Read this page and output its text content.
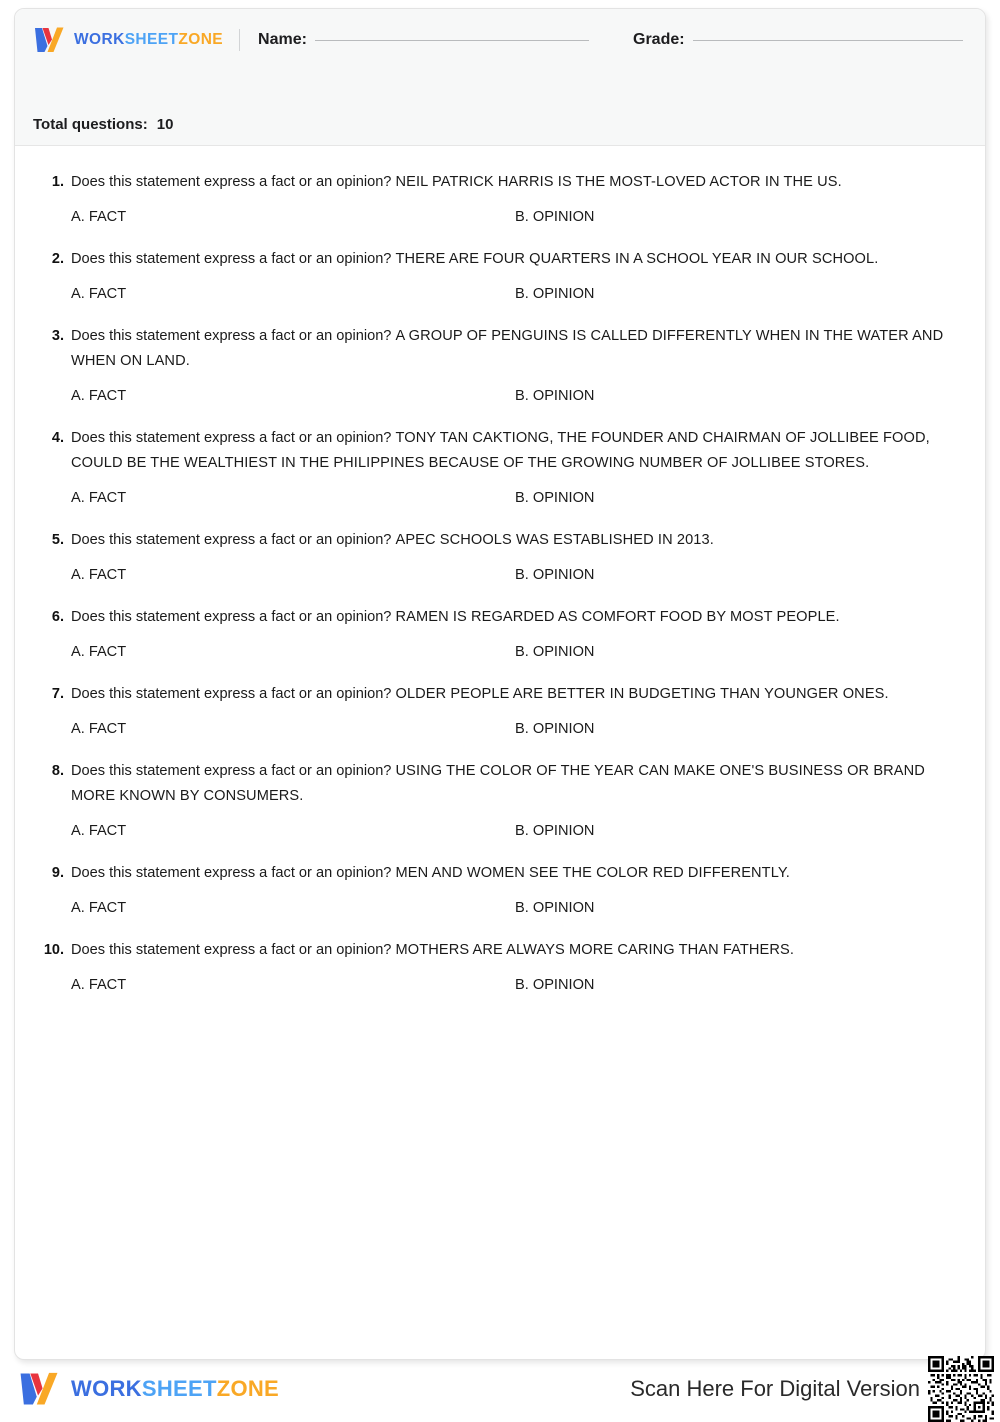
WORKSHEETZONE Name:	Grade:
Total questions: 10
1. Does this statement express a fact or an opinion? NEIL PATRICK HARRIS IS THE MOST-LOVED ACTOR IN THE US.
A. FACT	B. OPINION
2. Does this statement express a fact or an opinion? THERE ARE FOUR QUARTERS IN A SCHOOL YEAR IN OUR SCHOOL.
A. FACT	B. OPINION
3. Does this statement express a fact or an opinion? A GROUP OF PENGUINS IS CALLED DIFFERENTLY WHEN IN THE WATER AND WHEN ON LAND.
A. FACT	B. OPINION
4. Does this statement express a fact or an opinion? TONY TAN CAKTIONG, THE FOUNDER AND CHAIRMAN OF JOLLIBEE FOOD, COULD BE THE WEALTHIEST IN THE PHILIPPINES BECAUSE OF THE GROWING NUMBER OF JOLLIBEE STORES.
A. FACT	B. OPINION
5. Does this statement express a fact or an opinion? APEC SCHOOLS WAS ESTABLISHED IN 2013.
A. FACT	B. OPINION
6. Does this statement express a fact or an opinion? RAMEN IS REGARDED AS COMFORT FOOD BY MOST PEOPLE.
A. FACT	B. OPINION
7. Does this statement express a fact or an opinion? OLDER PEOPLE ARE BETTER IN BUDGETING THAN YOUNGER ONES.
A. FACT	B. OPINION
8. Does this statement express a fact or an opinion? USING THE COLOR OF THE YEAR CAN MAKE ONE'S BUSINESS OR BRAND MORE KNOWN BY CONSUMERS.
A. FACT	B. OPINION
9. Does this statement express a fact or an opinion? MEN AND WOMEN SEE THE COLOR RED DIFFERENTLY.
A. FACT	B. OPINION
10. Does this statement express a fact or an opinion? MOTHERS ARE ALWAYS MORE CARING THAN FATHERS.
A. FACT	B. OPINION
WORKSHEETZONE	Scan Here For Digital Version
